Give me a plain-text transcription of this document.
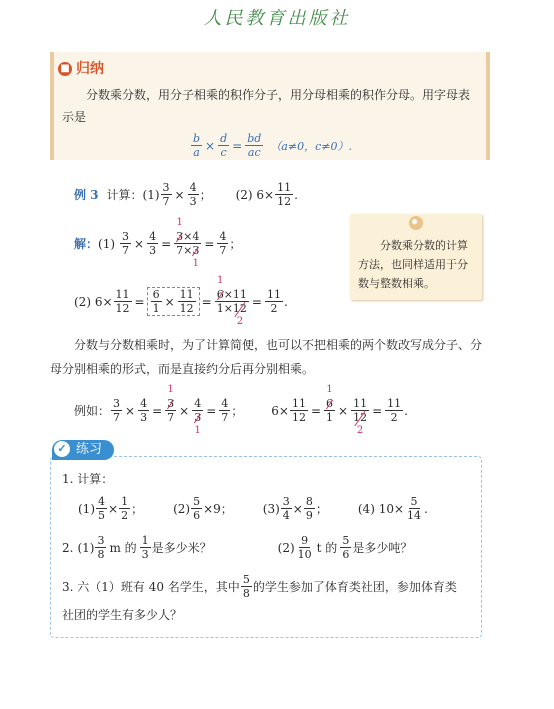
人民教育出版社
■ 归纳
分数乘分数，用分子相乘的积作分子，用分母相乘的积作分母。用字母表示是
$\frac{b}{a} \times \frac{d}{c} = \frac{bd}{ac} (a\ne 0$，c≠0）.
例 3 计算：$(1) \frac{3}{7} \times \frac{4}{3}$ ； (2) $6\times \frac{11}{12}$ .
解： $(1) \frac{3}{7} \times \frac{4}{3} = 3$
1
×4
7×3
$1 = \frac{4}{7}$ ；
(2) $6\times \frac{11}{12} = \frac{6}{1} \times \frac{11}{12} = 6$
1
×11
1×12
$2 = \frac{11}{2}$ .
分数乘分数的计算方法，也同样适用于分数与整数相乘。
分数与分数相乘时，为了计算简便，也可以不把相乘的两个数改写成分子、分母分别相乘的形式，而是直接约分后再分别相乘。
例如： $\frac{3}{7} \times \frac{4}{3} = 3$
1
7 × 4
3
$1 = \frac{4}{7}$ ； $6\times \frac{11}{12} = 6$
1
1 × 11
12
$2 = \frac{11}{2}$ .
练习
✓
1. 计算：
$(1) \frac{4}{5} \times \frac{1}{2}$ ；	$(2) \frac{5}{6} \times 9$ ；	$(3) \frac{3}{4} \times \frac{8}{9}$ ；	(4) $10\times \frac{5}{14}$ .
2. $(1) \frac{3}{8}$ m 的 $\frac{1}{3}$ 是多少米？	$(2) \frac{9}{10}$ t 的 $\frac{5}{6}$ 是多少吨？
3. 六（1）班有 40 名学生，其中 $\frac{5}{8}$ 的学生参加了体育类社团，参加体育类
社团的学生有多少人？
